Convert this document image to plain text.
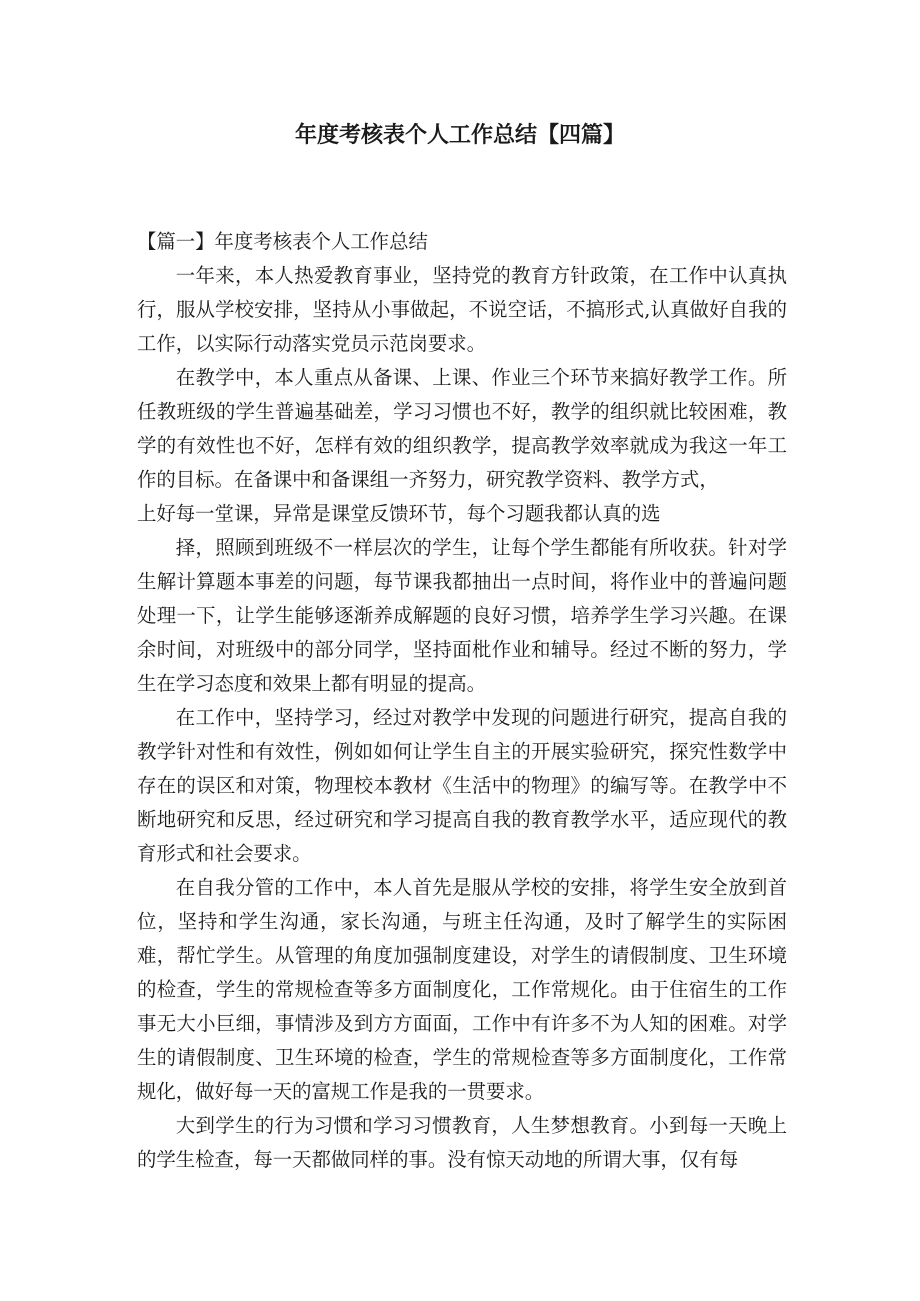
年度考核表个人工作总结【四篇】

【篇一】年度考核表个人工作总结

一年来，本人热爱教育事业，坚持党的教育方针政策，在工作中认真执行，服从学校安排，坚持从小事做起，不说空话，不搞形式,认真做好自我的工作，以实际行动落实党员示范岗要求。

在教学中，本人重点从备课、上课、作业三个环节来搞好教学工作。所任教班级的学生普遍基础差，学习习惯也不好，教学的组织就比较困难，教学的有效性也不好，怎样有效的组织教学，提高教学效率就成为我这一年工作的目标。在备课中和备课组一齐努力，研究教学资料、教学方式，

上好每一堂课，异常是课堂反馈环节，每个习题我都认真的选

择，照顾到班级不一样层次的学生，让每个学生都能有所收获。针对学生解计算题本事差的问题，每节课我都抽出一点时间，将作业中的普遍问题处理一下，让学生能够逐渐养成解题的良好习惯，培养学生学习兴趣。在课余时间，对班级中的部分同学，坚持面枇作业和辅导。经过不断的努力，学生在学习态度和效果上都有明显的提高。

在工作中，坚持学习，经过对教学中发现的问题进行研究，提高自我的教学针对性和有效性，例如如何让学生自主的开展实验研究，探究性数学中存在的误区和对策，物理校本教材《生活中的物理》的编写等。在教学中不断地研究和反思，经过研究和学习提高自我的教育教学水平，适应现代的教育形式和社会要求。

在自我分管的工作中，本人首先是服从学校的安排，将学生安全放到首位，坚持和学生沟通，家长沟通，与班主任沟通，及时了解学生的实际困难，帮忙学生。从管理的角度加强制度建设，对学生的请假制度、卫生环境的检查，学生的常规检查等多方面制度化，工作常规化。由于住宿生的工作事无大小巨细，事情涉及到方方面面，工作中有许多不为人知的困难。对学生的请假制度、卫生环境的检查，学生的常规检查等多方面制度化，工作常规化，做好每一天的富规工作是我的一贯要求。

大到学生的行为习惯和学习习惯教育，人生梦想教育。小到每一天晚上的学生检查，每一天都做同样的事。没有惊天动地的所谓大事，仅有每
